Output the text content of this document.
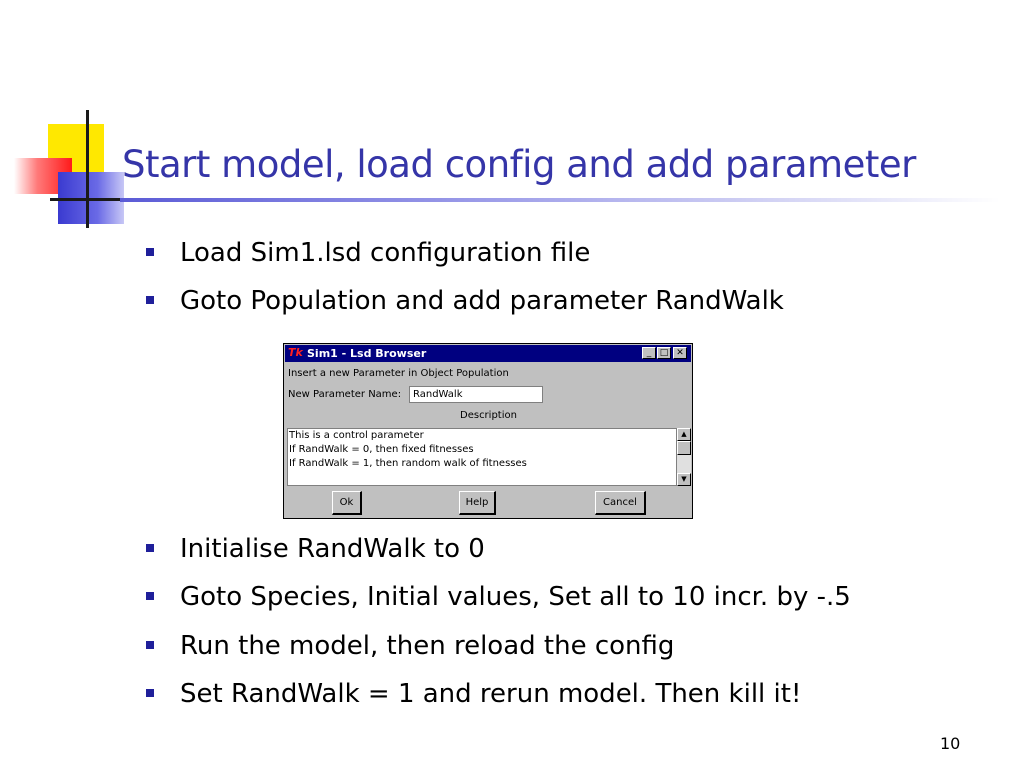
Start model, load config and add parameter
Load Sim1.lsd configuration file
Goto Population and add parameter RandWalk
Tk Sim1 - Lsd Browser	_ □ ✕
Insert a new Parameter in Object Population
New Parameter Name:
RandWalk
Description
This is a control parameter
If RandWalk = 0, then fixed fitnesses
If RandWalk = 1, then random walk of fitnesses
▲
▼
Ok	Help	Cancel
Initialise RandWalk to 0
Goto Species, Initial values, Set all to 10 incr. by -.5
Run the model, then reload the config
Set RandWalk = 1 and rerun model. Then kill it!
10
